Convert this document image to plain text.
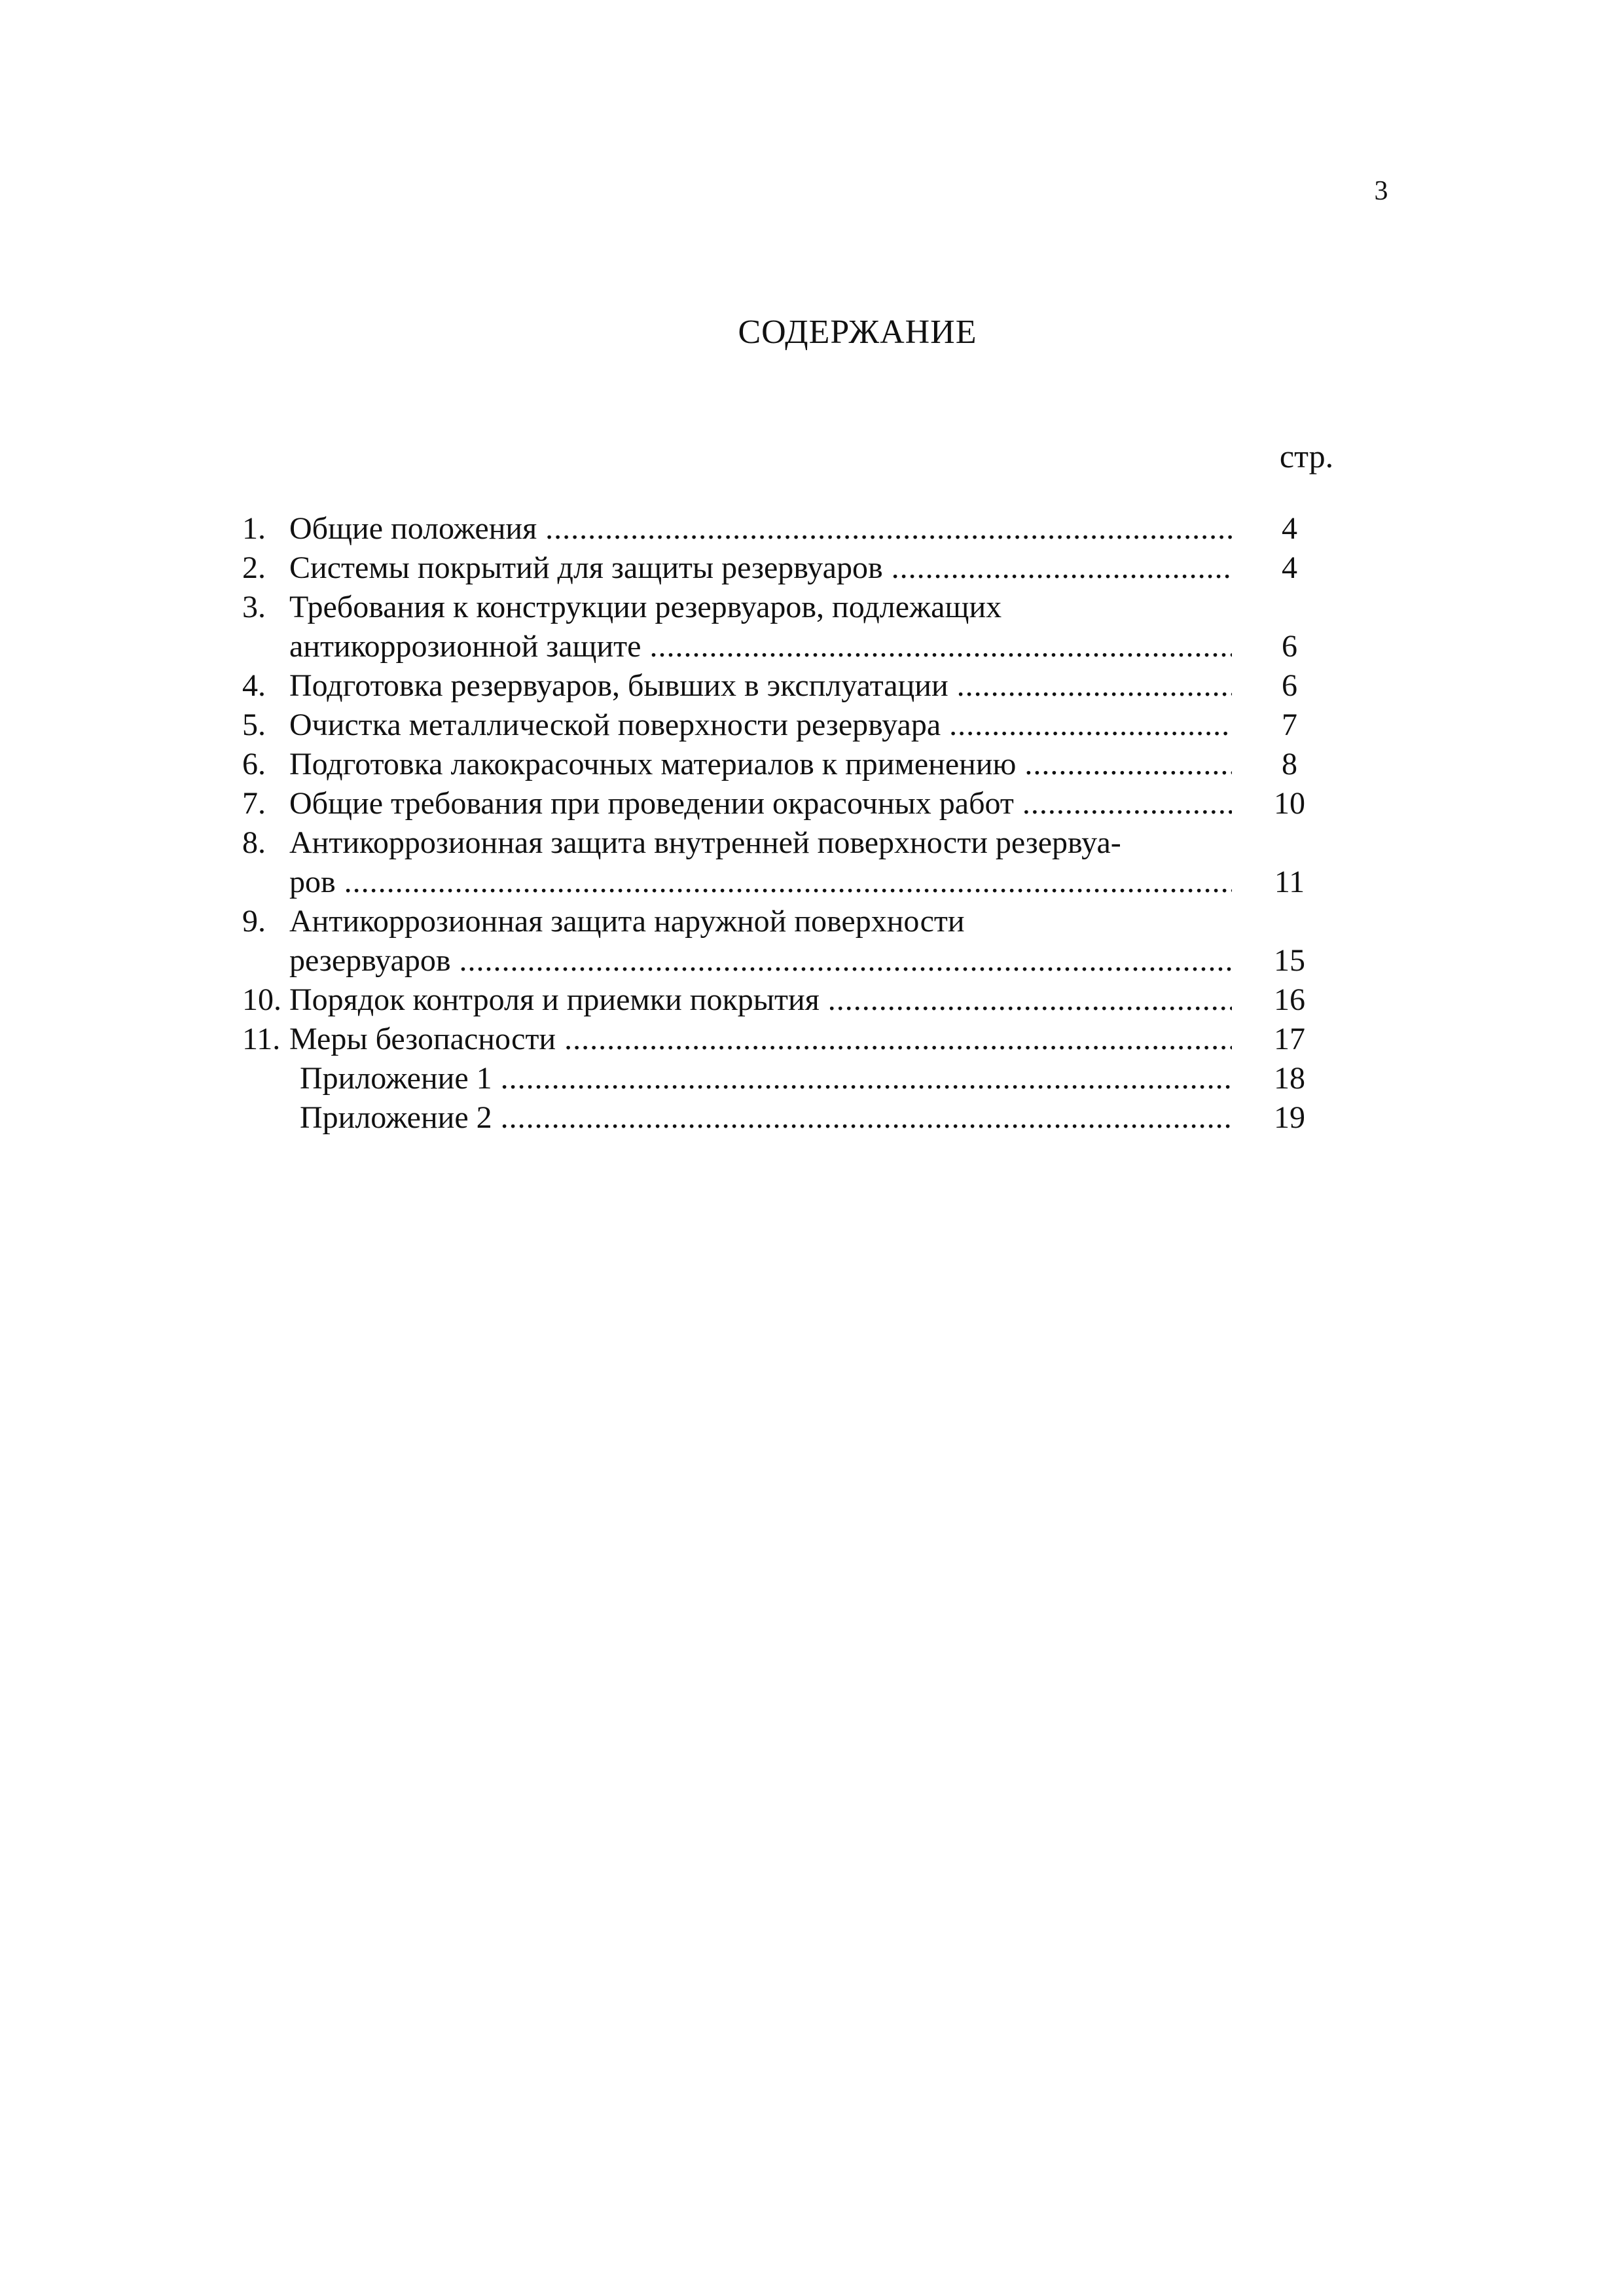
3
СОДЕРЖАНИЕ
стр.
1. Общие положения .....	4
2. Системы покрытий для защиты резервуаров .....	4
3. Требования к конструкции резервуаров, подлежащих
антикоррозионной защите .....	6
4. Подготовка резервуаров, бывших в эксплуатации .....	6
5. Очистка металлической поверхности резервуара .....	7
6. Подготовка лакокрасочных материалов к применению .....	8
7. Общие требования при проведении окрасочных работ .....	10
8. Антикоррозионная защита внутренней поверхности резервуа-
ров .....	11
9. Антикоррозионная защита наружной поверхности
резервуаров .....	15
10. Порядок контроля и приемки покрытия .....	16
11. Меры безопасности .....	17
Приложение 1 .....	18
Приложение 2 .....	19
